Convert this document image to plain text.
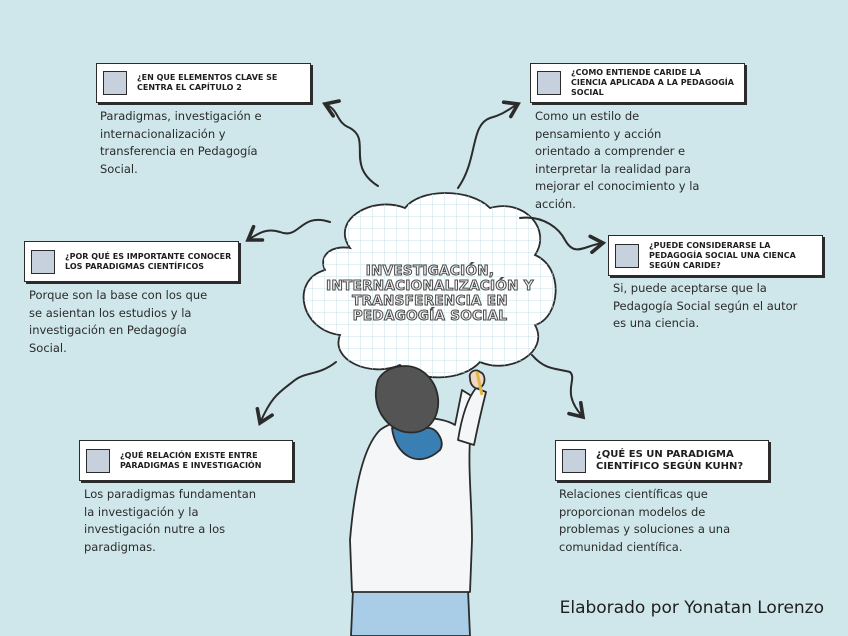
¿EN QUE ELEMENTOS CLAVE SE CENTRA EL CAPÍTULO 2
Paradigmas, investigación e internacionalización y transferencia en Pedagogía Social.
¿COMO ENTIENDE CARIDE LA CIENCIA APLICADA A LA PEDAGOGÍA SOCIAL
Como un estilo de pensamiento y acción orientado a comprender e interpretar la realidad para mejorar el conocimiento y la acción.
¿POR QUÉ ES IMPORTANTE CONOCER LOS PARADIGMAS CIENTÍFICOS
Porque son la base con los que se asientan los estudios y la investigación en Pedagogía Social.
¿PUEDE CONSIDERARSE LA PEDAGOGÍA SOCIAL UNA CIENCA SEGÚN CARIDE?
Si, puede aceptarse que la Pedagogía Social según el autor es una ciencia.
¿QUÉ RELACIÓN EXISTE ENTRE PARADIGMAS E INVESTIGACIÓN
Los paradigmas fundamentan la investigación y la investigación nutre a los paradigmas.
¿QUÉ ES UN PARADIGMA CIENTÍFICO SEGÚN KUHN?
Relaciones científicas que proporcionan modelos de problemas y soluciones a una comunidad científica.
INVESTIGACIÓN, INTERNACIONALIZACIÓN Y TRANSFERENCIA EN PEDAGOGÍA SOCIAL
Elaborado por Yonatan Lorenzo
